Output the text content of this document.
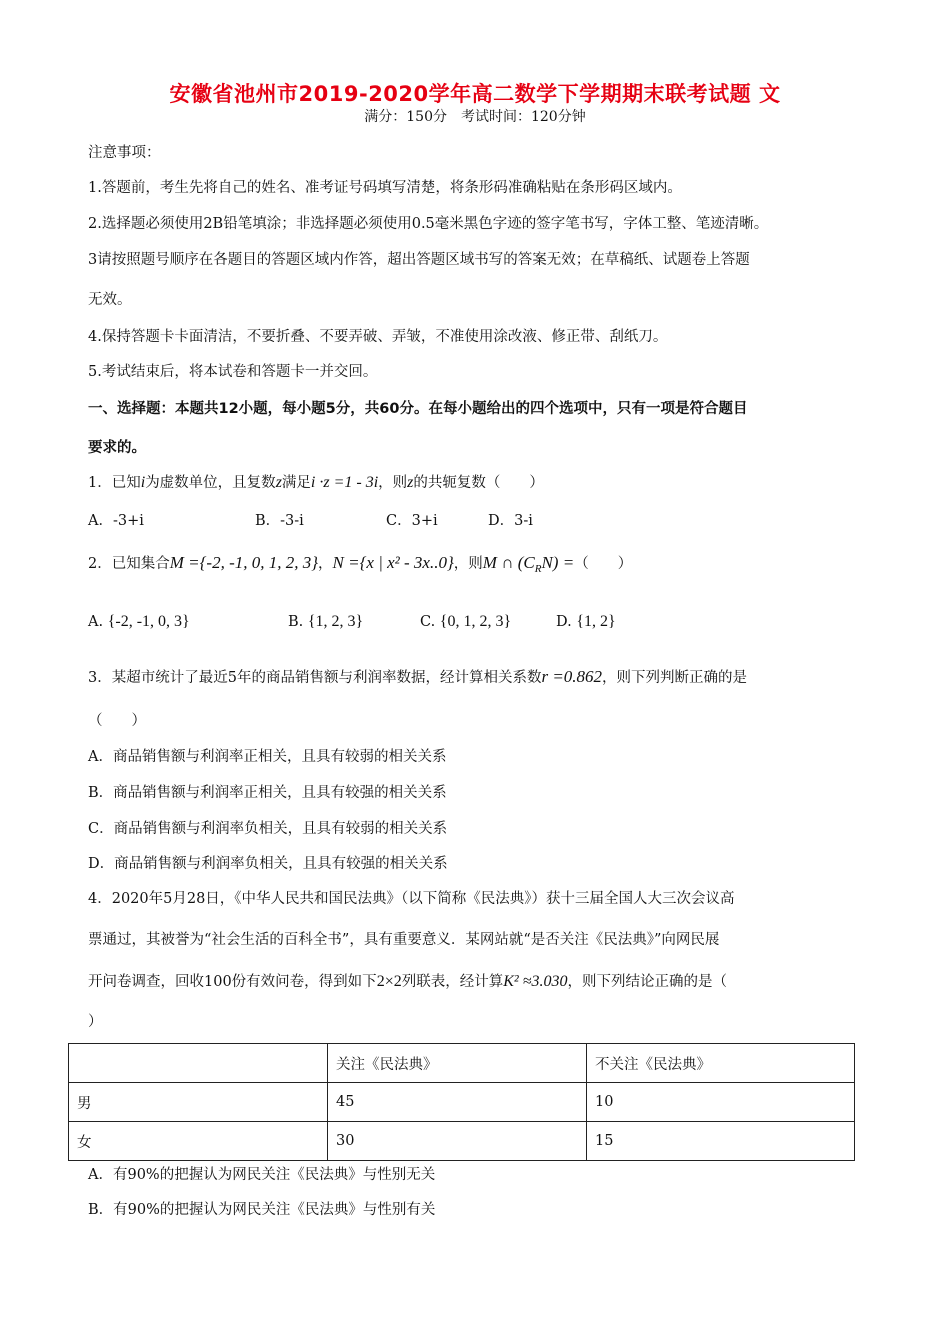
安徽省池州市2019-2020学年高二数学下学期期末联考试题 文
满分：150分　考试时间：120分钟
注意事项：
1.答题前，考生先将自己的姓名、准考证号码填写清楚，将条形码准确粘贴在条形码区域内。
2.选择题必须使用2B铅笔填涂；非选择题必须使用0.5毫米黑色字迹的签字笔书写，字体工整、笔迹清晰。
3请按照题号顺序在各题目的答题区域内作答，超出答题区域书写的答案无效；在草稿纸、试题卷上答题
无效。
4.保持答题卡卡面清洁，不要折叠、不要弄破、弄皱，不准使用涂改液、修正带、刮纸刀。
5.考试结束后，将本试卷和答题卡一并交回。
一、选择题：本题共12小题，每小题5分，共60分。在每小题给出的四个选项中，只有一项是符合题目
要求的。
1．已知i为虚数单位，且复数z满足i ·z =1 - 3i，则z的共轭复数（　　）
A．-3+i	B．-3-i	C．3+i	D．3-i
2．已知集合M ={-2, -1, 0, 1, 2, 3}，N ={x | x² - 3x..0}，则M ∩ $(C_RN)$ =（　　）
A. {-2, -1, 0, 3}	B. {1, 2, 3}	C. {0, 1, 2, 3}	D. {1, 2}
3．某超市统计了最近5年的商品销售额与利润率数据，经计算相关系数r =0.862，则下列判断正确的是
（　　）
A．商品销售额与利润率正相关，且具有较弱的相关关系
B．商品销售额与利润率正相关，且具有较强的相关关系
C．商品销售额与利润率负相关，且具有较弱的相关关系
D．商品销售额与利润率负相关，且具有较强的相关关系
4．2020年5月28日，《中华人民共和国民法典》（以下简称《民法典》）获十三届全国人大三次会议高
票通过，其被誉为“社会生活的百科全书”，具有重要意义．某网站就“是否关注《民法典》”向网民展
开问卷调查，回收100份有效问卷，得到如下2×2列联表，经计算K² ≈3.030，则下列结论正确的是（
）
	关注《民法典》	不关注《民法典》
男	45	10
女	30	15
A．有90%的把握认为网民关注《民法典》与性别无关
B．有90%的把握认为网民关注《民法典》与性别有关
